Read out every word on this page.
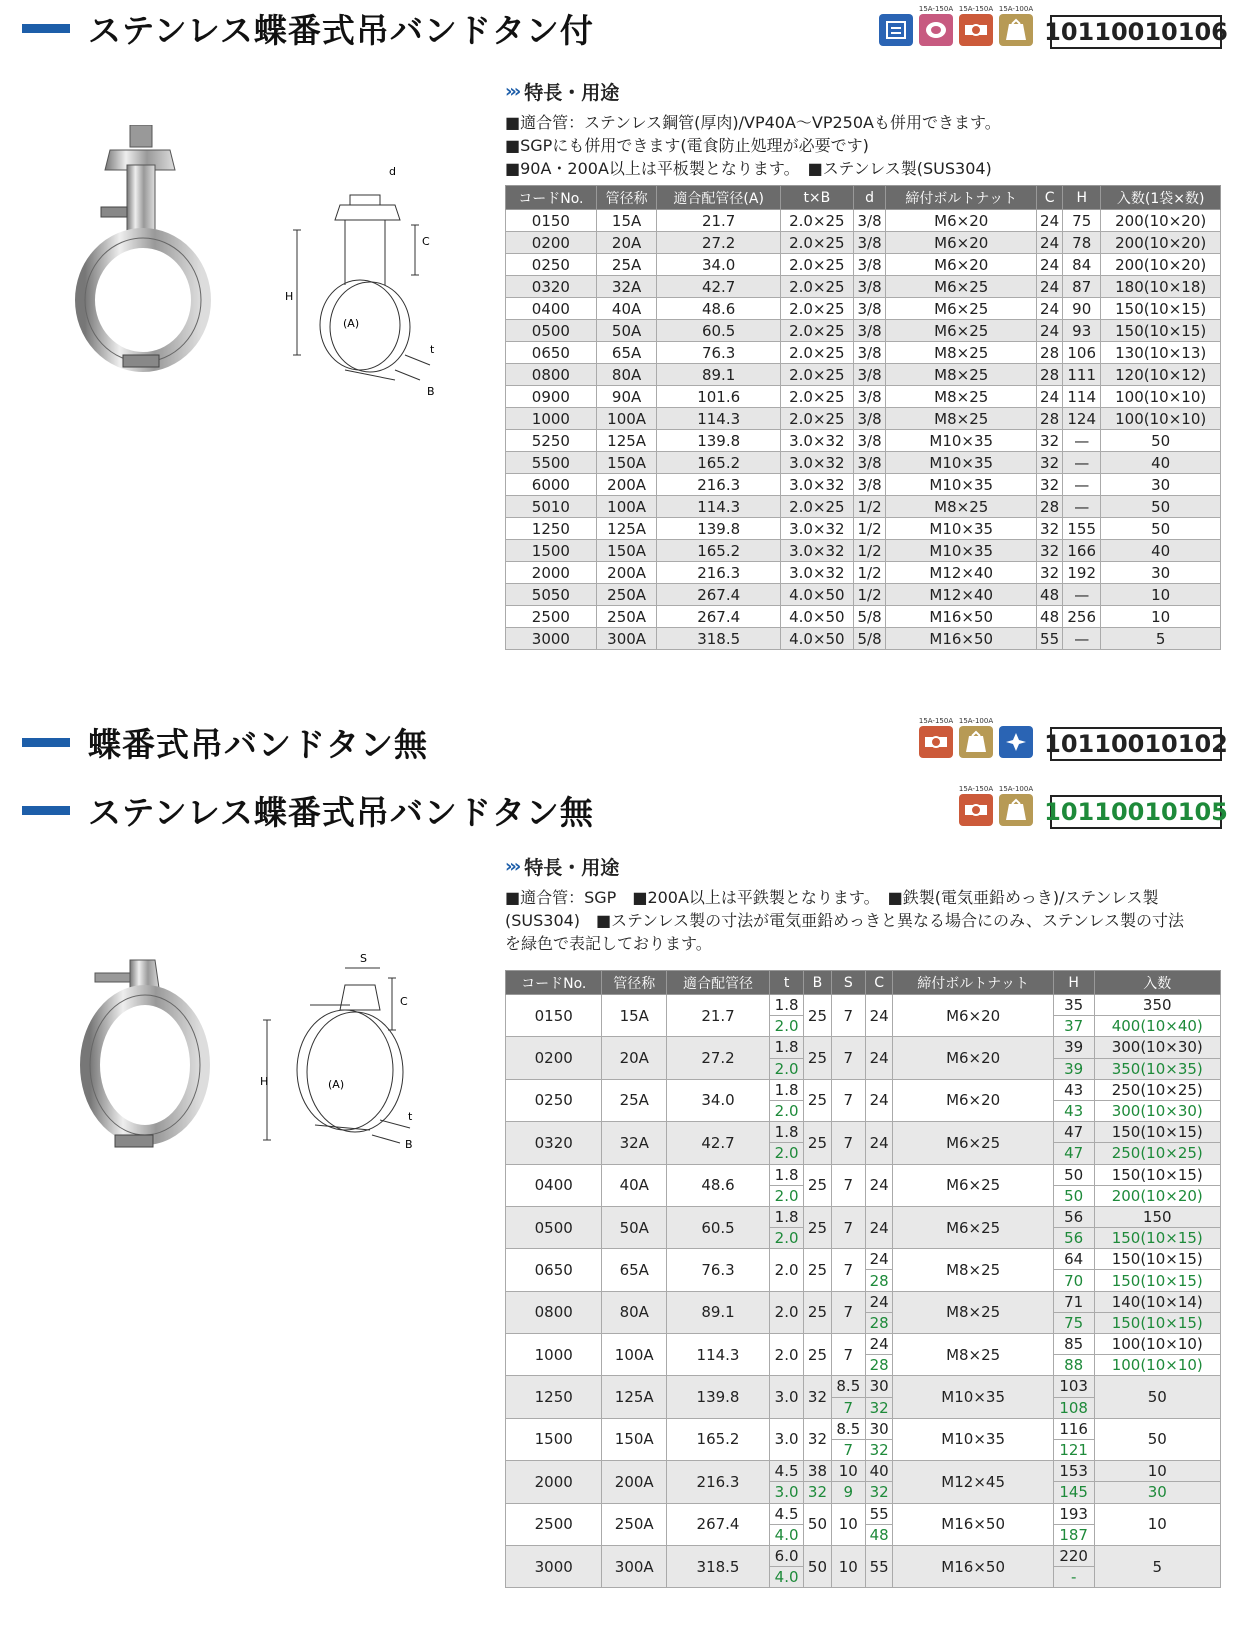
ステンレス蝶番式吊バンドタン付
15A-150A 15A-150A 15A-100A
10110010106
d
C
H
(A)
t
B
››› 特長・用途
■適合管：ステンレス鋼管(厚肉)/VP40A～VP250Aも併用できます。
■SGPにも併用できます(電食防止処理が必要です)
■90A・200A以上は平板製となります。　■ステンレス製(SUS304)
コードNo.	管径称	適合配管径(A)	t×B	d	締付ボルトナット	C	H	入数(1袋×数)
0150	15A	21.7	2.0×25	3/8	M6×20	24	75	200(10×20)
0200	20A	27.2	2.0×25	3/8	M6×20	24	78	200(10×20)
0250	25A	34.0	2.0×25	3/8	M6×20	24	84	200(10×20)
0320	32A	42.7	2.0×25	3/8	M6×25	24	87	180(10×18)
0400	40A	48.6	2.0×25	3/8	M6×25	24	90	150(10×15)
0500	50A	60.5	2.0×25	3/8	M6×25	24	93	150(10×15)
0650	65A	76.3	2.0×25	3/8	M8×25	28	106	130(10×13)
0800	80A	89.1	2.0×25	3/8	M8×25	28	111	120(10×12)
0900	90A	101.6	2.0×25	3/8	M8×25	24	114	100(10×10)
1000	100A	114.3	2.0×25	3/8	M8×25	28	124	100(10×10)
5250	125A	139.8	3.0×32	3/8	M10×35	32	—	50
5500	150A	165.2	3.0×32	3/8	M10×35	32	—	40
6000	200A	216.3	3.0×32	3/8	M10×35	32	—	30
5010	100A	114.3	2.0×25	1/2	M8×25	28	—	50
1250	125A	139.8	3.0×32	1/2	M10×35	32	155	50
1500	150A	165.2	3.0×32	1/2	M10×35	32	166	40
2000	200A	216.3	3.0×32	1/2	M12×40	32	192	30
5050	250A	267.4	4.0×50	1/2	M12×40	48	—	10
2500	250A	267.4	4.0×50	5/8	M16×50	48	256	10
3000	300A	318.5	4.0×50	5/8	M16×50	55	—	5
蝶番式吊バンドタン無
15A-150A 15A-100A
10110010102
ステンレス蝶番式吊バンドタン無
15A-150A 15A-100A
10110010105
S
C
H	(A)
t
B
››› 特長・用途
■適合管：SGP　■200A以上は平鉄製となります。　■鉄製(電気亜鉛めっき)/ステンレス製
(SUS304)　■ステンレス製の寸法が電気亜鉛めっきと異なる場合にのみ、ステンレス製の寸法
を緑色で表記しております。
コードNo.	管径称	適合配管径	t	B	S	C	締付ボルトナット	H	入数
0150	15A	21.7	1.8	25	7	24	M6×20	35	350
			2.0					37	400(10×40)
0200	20A	27.2	1.8	25	7	24	M6×20	39	300(10×30)
			2.0					39	350(10×35)
0250	25A	34.0	1.8	25	7	24	M6×20	43	250(10×25)
			2.0					43	300(10×30)
0320	32A	42.7	1.8	25	7	24	M6×25	47	150(10×15)
			2.0					47	250(10×25)
0400	40A	48.6	1.8	25	7	24	M6×25	50	150(10×15)
			2.0					50	200(10×20)
0500	50A	60.5	1.8	25	7	24	M6×25	56	150
			2.0					56	150(10×15)
0650	65A	76.3	2.0	25	7	24	M8×25	64	150(10×15)
						28		70	150(10×15)
0800	80A	89.1	2.0	25	7	24	M8×25	71	140(10×14)
						28		75	150(10×15)
1000	100A	114.3	2.0	25	7	24	M8×25	85	100(10×10)
						28		88	100(10×10)
1250	125A	139.8	3.0	32	8.5	30	M10×35	103	50
					7	32		108	
1500	150A	165.2	3.0	32	8.5	30	M10×35	116	50
					7	32		121	
2000	200A	216.3	4.5	38	10	40	M12×45	153	10
			3.0	32	9	32		145	30
2500	250A	267.4	4.5	50	10	55	M16×50	193	10
			4.0			48		187	
3000	300A	318.5	6.0	50	10	55	M16×50	220	5
			4.0					-	
